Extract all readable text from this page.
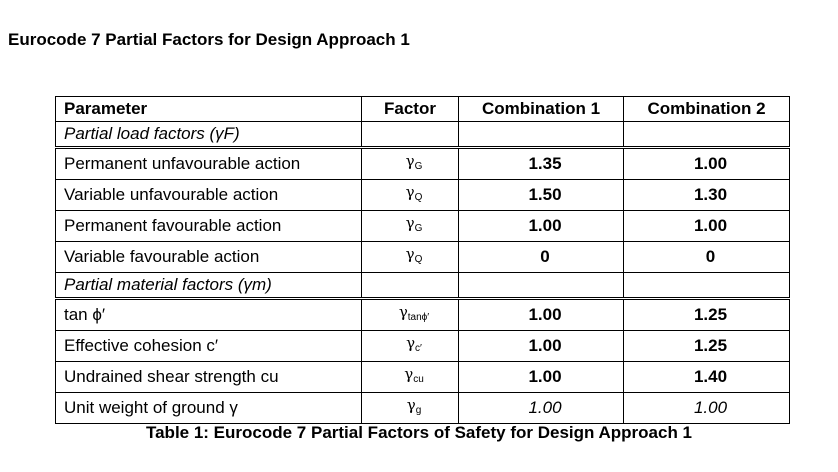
Eurocode 7 Partial Factors for Design Approach 1
Parameter	Factor	Combination 1	Combination 2
Partial load factors (γF)			
Permanent unfavourable action	$\gamma_G$	1.35	1.00
Variable unfavourable action	$\gamma_Q$	1.50	1.30
Permanent favourable action	$\gamma_G$	1.00	1.00
Variable favourable action	$\gamma_Q$	0	0
Partial material factors (γm)			
tan ϕ′	$\gamma_{tan\phi'}$	1.00	1.25
Effective cohesion c′	$\gamma_{c'}$	1.00	1.25
Undrained shear strength cu	$\gamma_{cu}$	1.00	1.40
Unit weight of ground γ	$\gamma_g$	1.00	1.00
Table 1: Eurocode 7 Partial Factors of Safety for Design Approach 1
